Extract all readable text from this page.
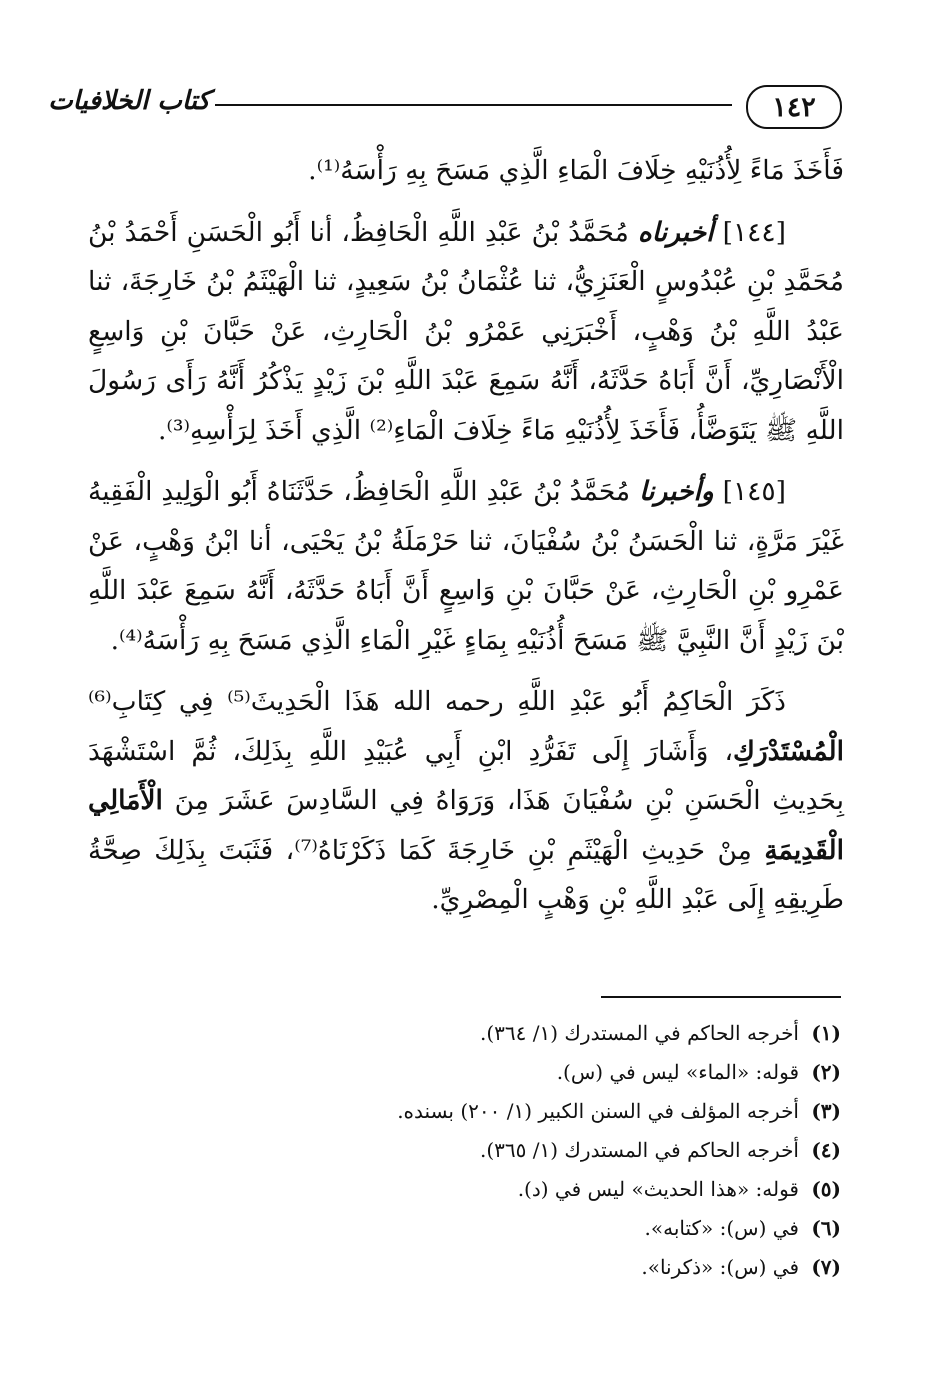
١٤٢
كتاب الخلافيات

فَأَخَذَ مَاءً لِأُذُنَيْهِ خِلَافَ الْمَاءِ الَّذِي مَسَحَ بِهِ رَأْسَهُ⁽¹⁾.

[١٤٤] أخبرناه مُحَمَّدُ بْنُ عَبْدِ اللَّهِ الْحَافِظُ، أنا أَبُو الْحَسَنِ أَحْمَدُ بْنُ مُحَمَّدِ بْنِ عُبْدُوسٍ الْعَنَزِيُّ، ثنا عُثْمَانُ بْنُ سَعِيدٍ، ثنا الْهَيْثَمُ بْنُ خَارِجَةَ، ثنا عَبْدُ اللَّهِ بْنُ وَهْبٍ، أَخْبَرَنِي عَمْرُو بْنُ الْحَارِثِ، عَنْ حَبَّانَ بْنِ وَاسِعٍ الْأَنْصَارِيِّ، أَنَّ أَبَاهُ حَدَّثَهُ، أَنَّهُ سَمِعَ عَبْدَ اللَّهِ بْنَ زَيْدٍ يَذْكُرُ أَنَّهُ رَأَى رَسُولَ اللَّهِ ﷺ يَتَوَضَّأُ، فَأَخَذَ لِأُذُنَيْهِ مَاءً خِلَافَ الْمَاءِ⁽²⁾ الَّذِي أَخَذَ لِرَأْسِهِ⁽³⁾.

[١٤٥] وأخبرنا مُحَمَّدُ بْنُ عَبْدِ اللَّهِ الْحَافِظُ، حَدَّثَنَاهُ أَبُو الْوَلِيدِ الْفَقِيهُ غَيْرَ مَرَّةٍ، ثنا الْحَسَنُ بْنُ سُفْيَانَ، ثنا حَرْمَلَةُ بْنُ يَحْيَى، أنا ابْنُ وَهْبٍ، عَنْ عَمْرِو بْنِ الْحَارِثِ، عَنْ حَبَّانَ بْنِ وَاسِعٍ أَنَّ أَبَاهُ حَدَّثَهُ، أَنَّهُ سَمِعَ عَبْدَ اللَّهِ بْنَ زَيْدٍ أَنَّ النَّبِيَّ ﷺ مَسَحَ أُذُنَيْهِ بِمَاءٍ غَيْرِ الْمَاءِ الَّذِي مَسَحَ بِهِ رَأْسَهُ⁽⁴⁾.

ذَكَرَ الْحَاكِمُ أَبُو عَبْدِ اللَّهِ رحمه الله هَذَا الْحَدِيثَ⁽⁵⁾ فِي كِتَابِ⁽⁶⁾ الْمُسْتَدْرَكِ، وَأَشَارَ إِلَى تَفَرُّدِ ابْنِ أَبِي عُبَيْدِ اللَّهِ بِذَلِكَ، ثُمَّ اسْتَشْهَدَ بِحَدِيثِ الْحَسَنِ بْنِ سُفْيَانَ هَذَا، وَرَوَاهُ فِي السَّادِسَ عَشَرَ مِنَ الْأَمَالِي الْقَدِيمَةِ مِنْ حَدِيثِ الْهَيْثَمِ بْنِ خَارِجَةَ كَمَا ذَكَرْنَاهُ⁽⁷⁾، فَثَبَتَ بِذَلِكَ صِحَّةُ طَرِيقِهِ إِلَى عَبْدِ اللَّهِ بْنِ وَهْبٍ الْمِصْرِيِّ.

(١)
أخرجه الحاكم في المستدرك (١/ ٣٦٤).
(٢)
قوله: «الماء» ليس في (س).
(٣)
أخرجه المؤلف في السنن الكبير (١/ ٢٠٠) بسنده.
(٤)
أخرجه الحاكم في المستدرك (١/ ٣٦٥).
(٥)
قوله: «هذا الحديث» ليس في (د).
(٦)
في (س): «كتابه».
(٧)
في (س): «ذكرنا».
